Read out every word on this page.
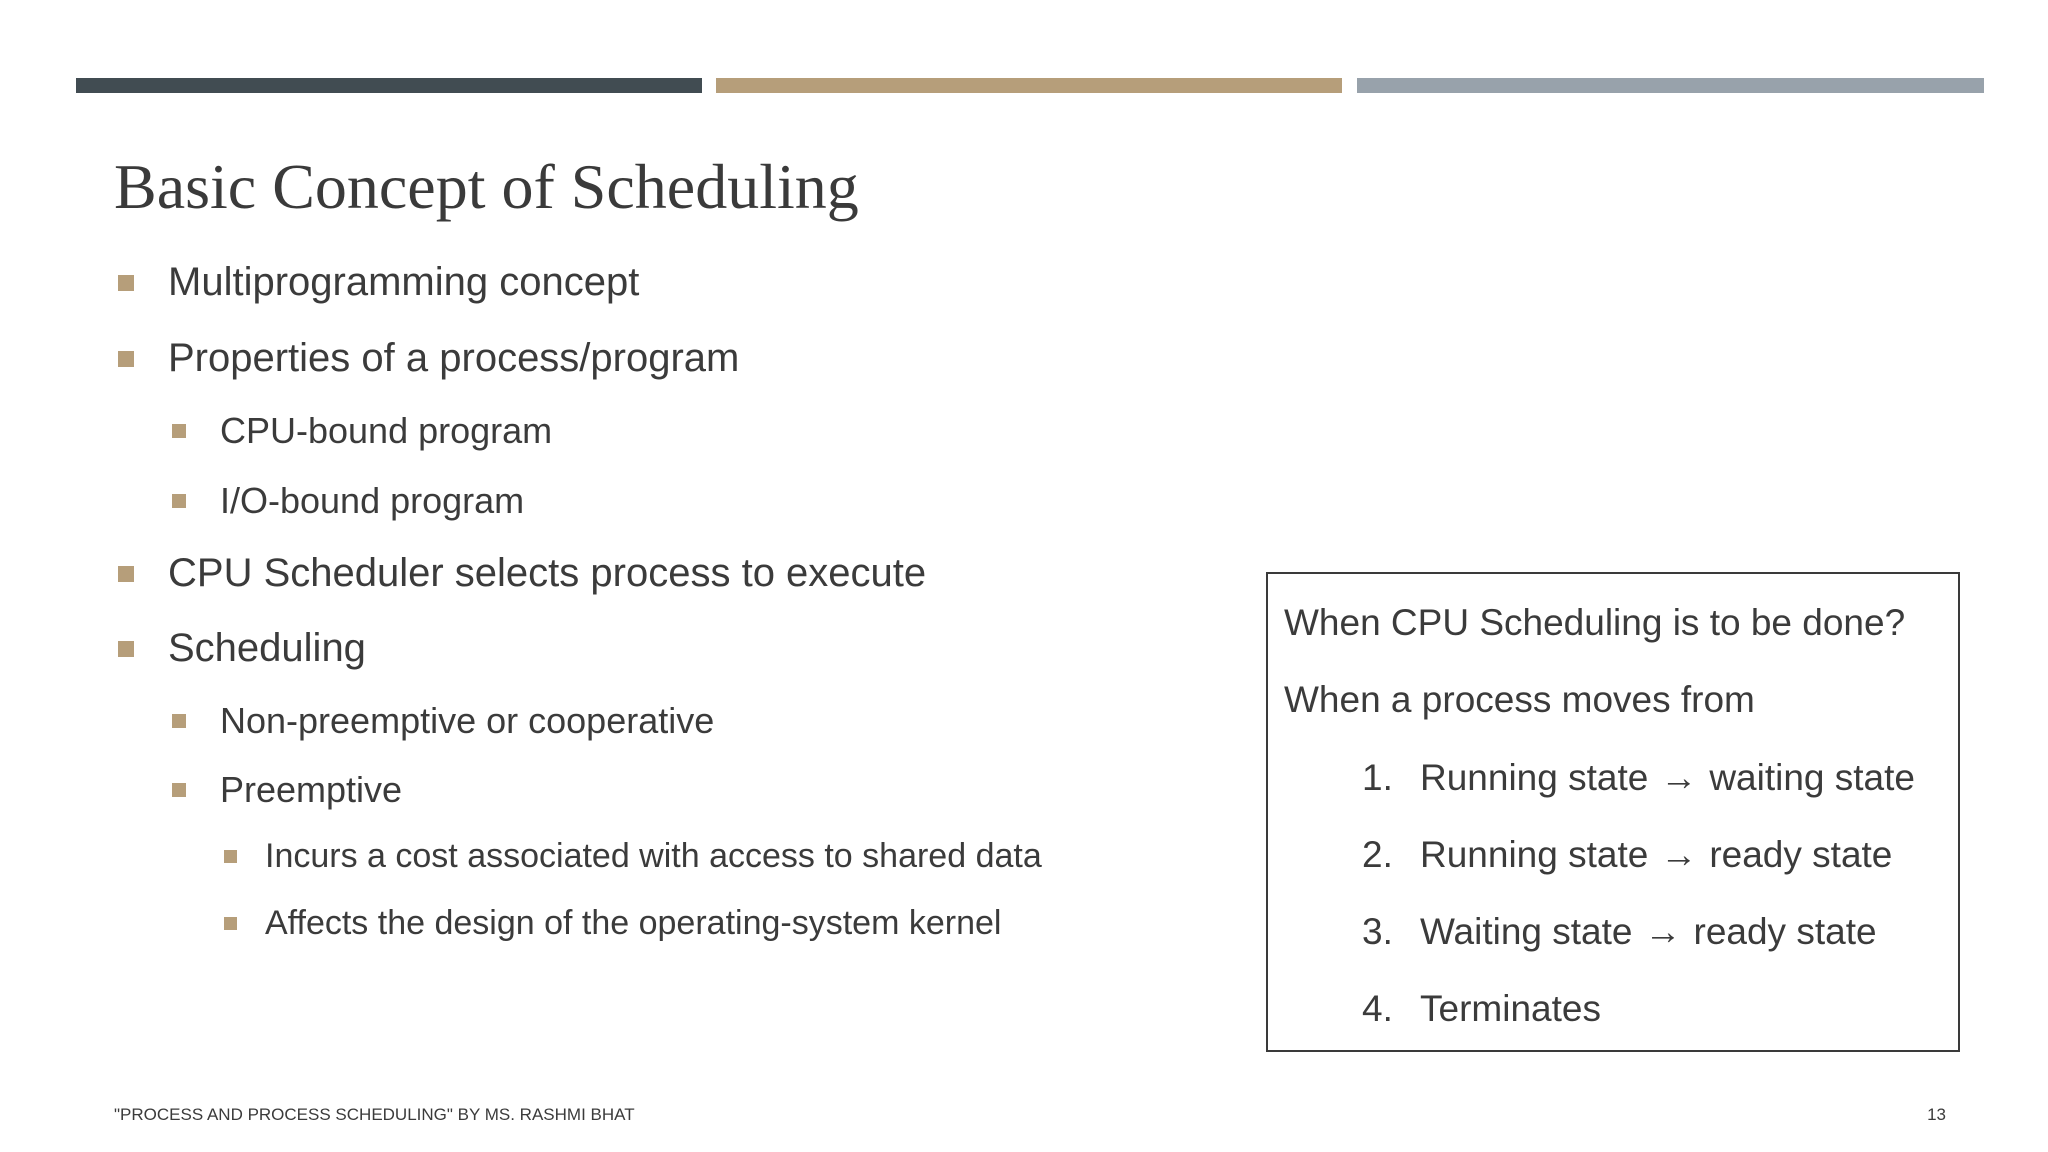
Basic Concept of Scheduling
Multiprogramming concept
Properties of a process/program
CPU-bound program
I/O-bound program
CPU Scheduler selects process to execute
Scheduling
Non-preemptive or cooperative
Preemptive
Incurs a cost associated with access to shared data
Affects the design of the operating-system kernel
When CPU Scheduling is to be done?
When a process moves from
1. Running state → waiting state
2. Running state → ready state
3. Waiting state → ready state
4. Terminates
"PROCESS AND PROCESS SCHEDULING" BY MS. RASHMI BHAT	13
